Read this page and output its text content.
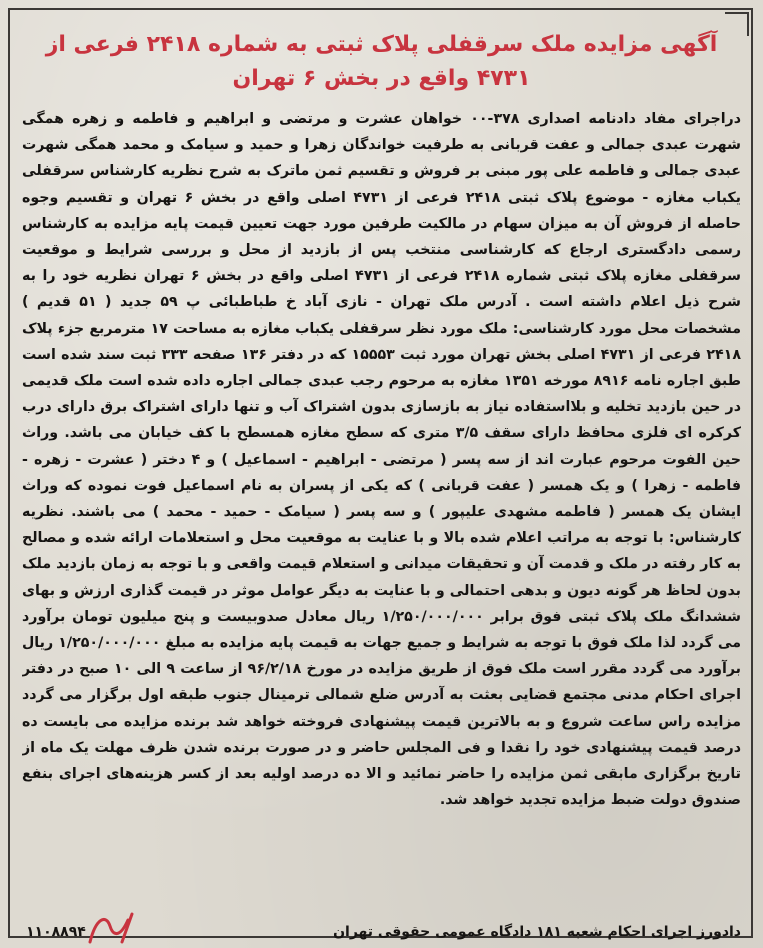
آگهی مزایده ملک سرقفلی پلاک ثبتی به شماره ۲۴۱۸ فرعی از ۴۷۳۱ واقع در بخش ۶ تهران

دراجرای مفاد دادنامه اصداری ۳۷۸-۰۰ خواهان عشرت و مرتضی و ابراهیم و فاطمه و زهره همگی شهرت عبدی جمالی و عفت قربانی به طرفیت خواندگان زهرا و حمید و سیامک و محمد همگی شهرت عبدی جمالی و فاطمه علی پور مبنی بر فروش و تقسیم ثمن ماترک به شرح نظریه کارشناس سرقفلی یکباب مغازه - موضوع پلاک ثبتی ۲۴۱۸ فرعی از ۴۷۳۱ اصلی واقع در بخش ۶ تهران و تقسیم وجوه حاصله از فروش آن به میزان سهام در مالکیت طرفین مورد جهت تعیین قیمت پایه مزایده به کارشناس رسمی دادگستری ارجاع که کارشناسی منتخب پس از بازدید از محل و بررسی شرایط و موقعیت سرقفلی مغازه پلاک ثبتی شماره ۲۴۱۸ فرعی از ۴۷۳۱ اصلی واقع در بخش ۶ تهران نظریه خود را به شرح ذیل اعلام داشته است . آدرس ملک تهران - نازی آباد خ طباطبائی پ ۵۹ جدید ( ۵۱ قدیم ) مشخصات محل مورد کارشناسی: ملک مورد نظر سرقفلی یکباب مغازه به مساحت ۱۷ مترمربع جزء پلاک ۲۴۱۸ فرعی از ۴۷۳۱ اصلی بخش تهران مورد ثبت ۱۵۵۵۳ که در دفتر ۱۳۶ صفحه ۳۳۳ ثبت سند شده است طبق اجاره نامه ۸۹۱۶ مورخه ۱۳۵۱ مغازه به مرحوم رجب عبدی جمالی اجاره داده شده است ملک قدیمی در حین بازدید تخلیه و بلااستفاده نیاز به بازسازی بدون اشتراک آب و تنها دارای اشتراک برق دارای درب کرکره ای فلزی محافظ دارای سقف ۳/۵ متری که سطح مغازه همسطح با کف خیابان می باشد. وراث حین الفوت مرحوم عبارت اند از سه پسر ( مرتضی - ابراهیم - اسماعیل ) و ۴ دختر ( عشرت - زهره - فاطمه - زهرا ) و یک همسر ( عفت قربانی ) که یکی از پسران به نام اسماعیل فوت نموده که وراث ایشان یک همسر ( فاطمه مشهدی علیپور ) و سه پسر ( سیامک - حمید - محمد ) می باشند. نظریه کارشناس: با توجه به مراتب اعلام شده بالا و با عنایت به موقعیت محل و استعلامات ارائه شده و مصالح به کار رفته در ملک و قدمت آن و تحقیقات میدانی و استعلام قیمت واقعی و با توجه به زمان بازدید ملک بدون لحاظ هر گونه دیون و بدهی احتمالی و با عنایت به دیگر عوامل موثر در قیمت گذاری ارزش و بهای ششدانگ ملک پلاک ثبتی فوق برابر ۱/۲۵۰/۰۰۰/۰۰۰ ریال معادل صدوبیست و پنج میلیون تومان برآورد می گردد لذا ملک فوق با توجه به شرایط و جمیع جهات به قیمت پایه مزایده به مبلغ ۱/۲۵۰/۰۰۰/۰۰۰ ریال برآورد می گردد مقرر است ملک فوق از طریق مزایده در مورخ ۹۶/۲/۱۸ از ساعت ۹ الی ۱۰ صبح در دفتر اجرای احکام مدنی مجتمع قضایی بعثت به آدرس ضلع شمالی ترمینال جنوب طبقه اول برگزار می گردد مزایده راس ساعت شروع و به بالاترین قیمت پیشنهادی فروخته خواهد شد برنده مزایده می بایست ده درصد قیمت پیشنهادی خود را نقدا و فی المجلس حاضر و در صورت برنده شدن ظرف مهلت یک ماه از تاریخ برگزاری مابقی ثمن مزایده را حاضر نمائید و الا ده درصد اولیه بعد از کسر هزینه‌های اجرای بنفع صندوق دولت ضبط مزایده تجدید خواهد شد.

دادورز اجرای احکام شعبه ۱۸۱ دادگاه عمومی حقوقی تهران
۱۱۰۸۸۹۴
